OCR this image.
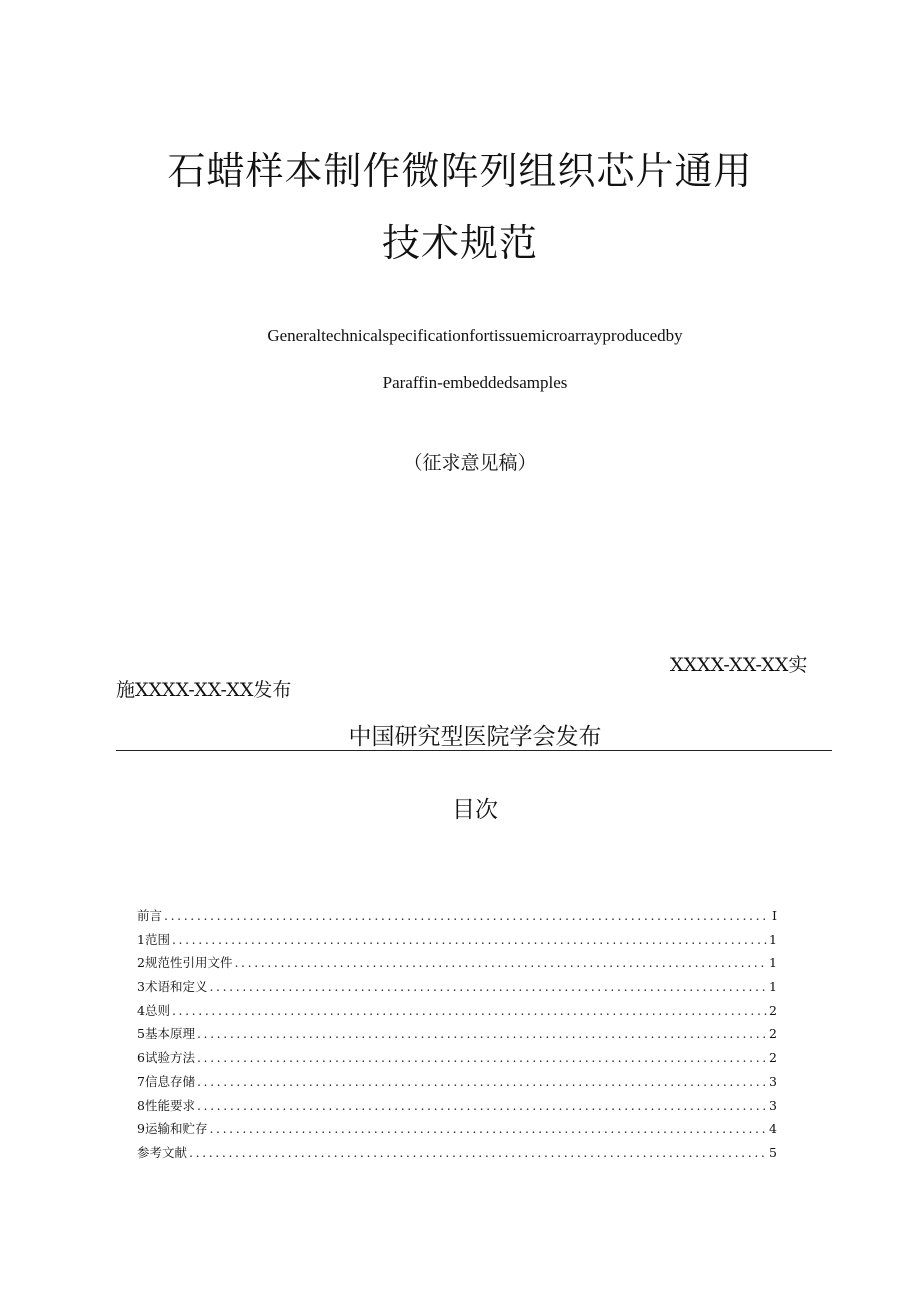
石蜡样本制作微阵列组织芯片通用
技术规范
Generaltechnicalspecificationfortissuemicroarrayproducedby
Paraffin-embeddedsamples
（征求意见稿）
XXXX-XX-XX实
施XXXX-XX-XX发布
中国研究型医院学会发布
目次
前言 .....	I
1范围 .....	1
2规范性引用文件 .....	1
3术语和定义 .....	1
4总则 .....	2
5基本原理 .....	2
6试验方法 .....	2
7信息存储 .....	3
8性能要求 .....	3
9运输和贮存 .....	4
参考文献 .....	5
